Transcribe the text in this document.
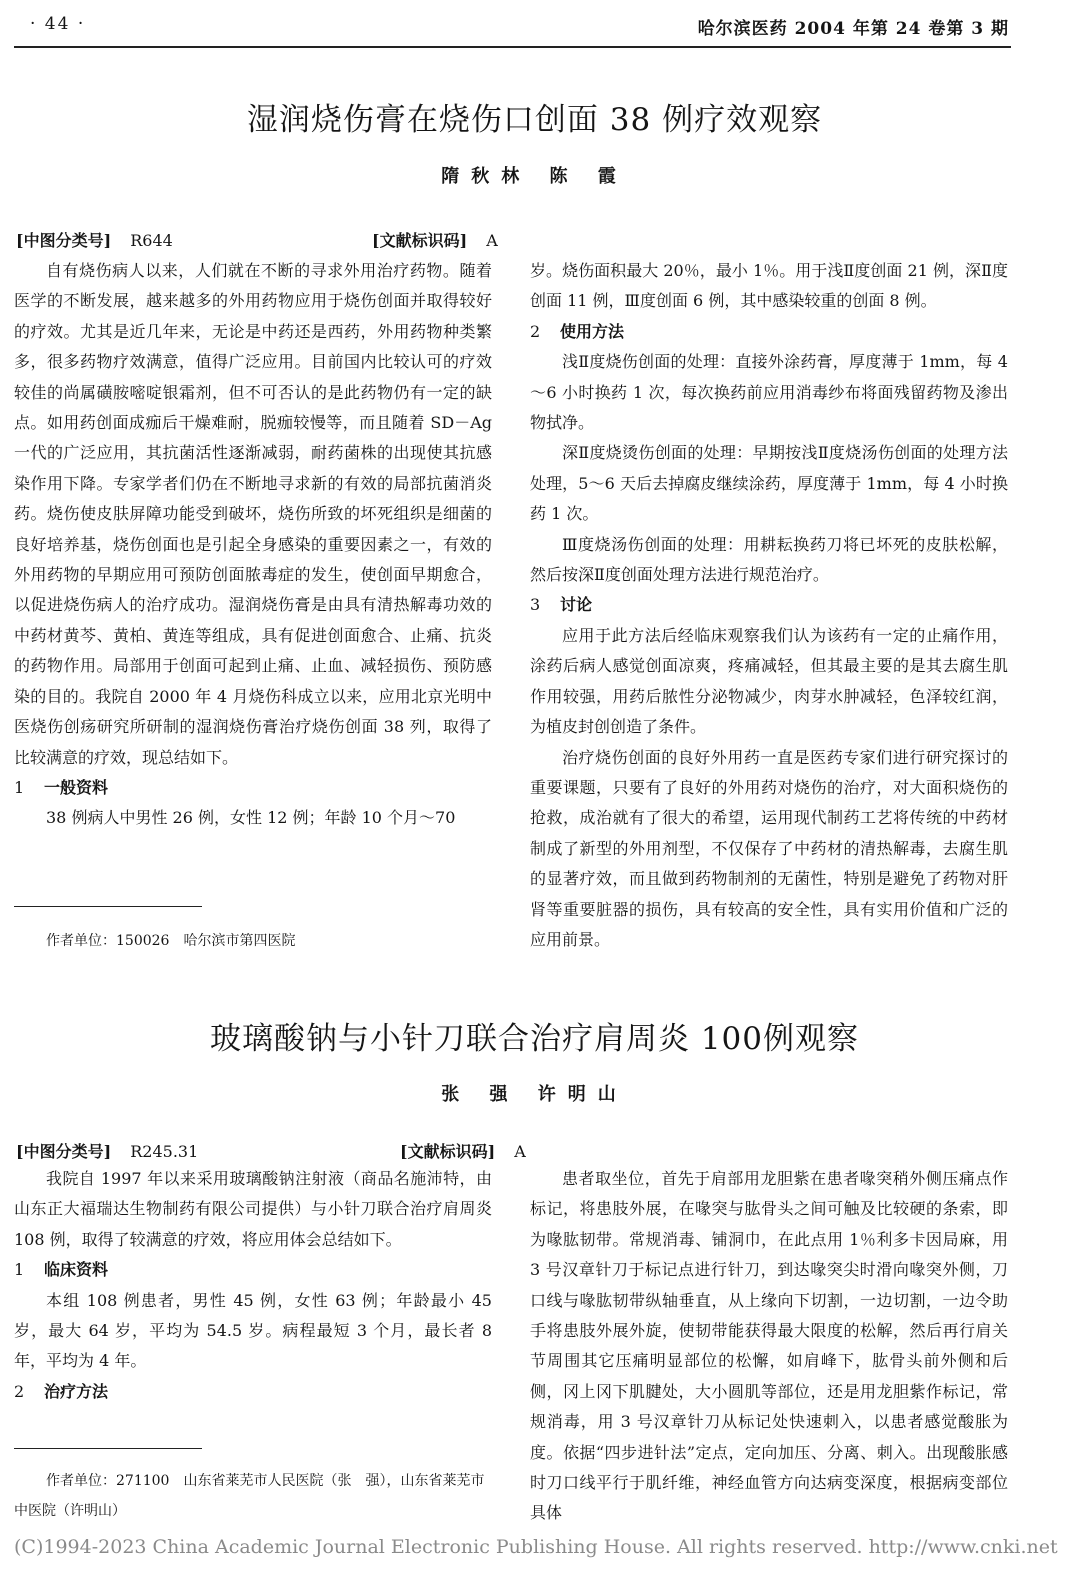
· 44 ·	哈尔滨医药 2004 年第 24 卷第 3 期
湿润烧伤膏在烧伤口创面 38 例疗效观察
隋秋林 陈 霞
[中图分类号] R644	[文献标识码] A

自有烧伤病人以来，人们就在不断的寻求外用治疗药物。随着医学的不断发展，越来越多的外用药物应用于烧伤创面并取得较好的疗效。尤其是近几年来，无论是中药还是西药，外用药物种类繁多，很多药物疗效满意，值得广泛应用。目前国内比较认可的疗效较佳的尚属磺胺嘧啶银霜剂，但不可否认的是此药物仍有一定的缺点。如用药创面成痂后干燥难耐，脱痂较慢等，而且随着 SD－Ag 一代的广泛应用，其抗菌活性逐渐减弱，耐药菌株的出现使其抗感染作用下降。专家学者们仍在不断地寻求新的有效的局部抗菌消炎药。烧伤使皮肤屏障功能受到破坏，烧伤所致的坏死组织是细菌的良好培养基，烧伤创面也是引起全身感染的重要因素之一，有效的外用药物的早期应用可预防创面脓毒症的发生，使创面早期愈合，以促进烧伤病人的治疗成功。湿润烧伤膏是由具有清热解毒功效的中药材黄芩、黄柏、黄连等组成，具有促进创面愈合、止痛、抗炎的药物作用。局部用于创面可起到止痛、止血、减轻损伤、预防感染的目的。我院自 2000 年 4 月烧伤科成立以来，应用北京光明中医烧伤创疡研究所研制的湿润烧伤膏治疗烧伤创面 38 列，取得了比较满意的疗效，现总结如下。

1 一般资料

38 例病人中男性 26 例，女性 12 例；年龄 10 个月～70

作者单位：150026　哈尔滨市第四医院

岁。烧伤面积最大 20％，最小 1％。用于浅Ⅱ度创面 21 例，深Ⅱ度创面 11 例，Ⅲ度创面 6 例，其中感染较重的创面 8 例。

2 使用方法

浅Ⅱ度烧伤创面的处理：直接外涂药膏，厚度薄于 1mm，每 4～6 小时换药 1 次，每次换药前应用消毒纱布将面残留药物及渗出物拭净。

深Ⅱ度烧烫伤创面的处理：早期按浅Ⅱ度烧汤伤创面的处理方法处理，5～6 天后去掉腐皮继续涂药，厚度薄于 1mm，每 4 小时换药 1 次。

Ⅲ度烧汤伤创面的处理：用耕耘换药刀将已坏死的皮肤松解，然后按深Ⅱ度创面处理方法进行规范治疗。

3 讨论

应用于此方法后经临床观察我们认为该药有一定的止痛作用，涂药后病人感觉创面凉爽，疼痛减轻，但其最主要的是其去腐生肌作用较强，用药后脓性分泌物减少，肉芽水肿减轻，色泽较红润，为植皮封创创造了条件。

治疗烧伤创面的良好外用药一直是医药专家们进行研究探讨的重要课题，只要有了良好的外用药对烧伤的治疗，对大面积烧伤的抢救，成治就有了很大的希望，运用现代制药工艺将传统的中药材制成了新型的外用剂型，不仅保存了中药材的清热解毒，去腐生肌的显著疗效，而且做到药物制剂的无菌性，特别是避免了药物对肝肾等重要脏器的损伤，具有较高的安全性，具有实用价值和广泛的应用前景。

玻璃酸钠与小针刀联合治疗肩周炎 100例观察
张 强 许明山
[中图分类号] R245.31	[文献标识码] A

我院自 1997 年以来采用玻璃酸钠注射液（商品名施沛特，由山东正大福瑞达生物制药有限公司提供）与小针刀联合治疗肩周炎 108 例，取得了较满意的疗效，将应用体会总结如下。

1 临床资料

本组 108 例患者，男性 45 例，女性 63 例；年龄最小 45 岁，最大 64 岁，平均为 54.5 岁。病程最短 3 个月，最长者 8 年，平均为 4 年。

2 治疗方法
作者单位：271100　山东省莱芜市人民医院（张　强），山东省莱芜市中医院（许明山）

患者取坐位，首先于肩部用龙胆紫在患者喙突稍外侧压痛点作标记，将患肢外展，在喙突与肱骨头之间可触及比较硬的条索，即为喙肱韧带。常规消毒、铺洞巾，在此点用 1％利多卡因局麻，用 3 号汉章针刀于标记点进行针刀，到达喙突尖时滑向喙突外侧，刀口线与喙肱韧带纵轴垂直，从上缘向下切割，一边切割，一边令助手将患肢外展外旋，使韧带能获得最大限度的松解，然后再行肩关节周围其它压痛明显部位的松懈，如肩峰下，肱骨头前外侧和后侧，冈上冈下肌腱处，大小圆肌等部位，还是用龙胆紫作标记，常规消毒，用 3 号汉章针刀从标记处快速刺入，以患者感觉酸胀为度。依据“四步进针法”定点，定向加压、分离、刺入。出现酸胀感时刀口线平行于肌纤维，神经血管方向达病变深度，根据病变部位具体

(C)1994-2023 China Academic Journal Electronic Publishing House. All rights reserved. http://www.cnki.net
